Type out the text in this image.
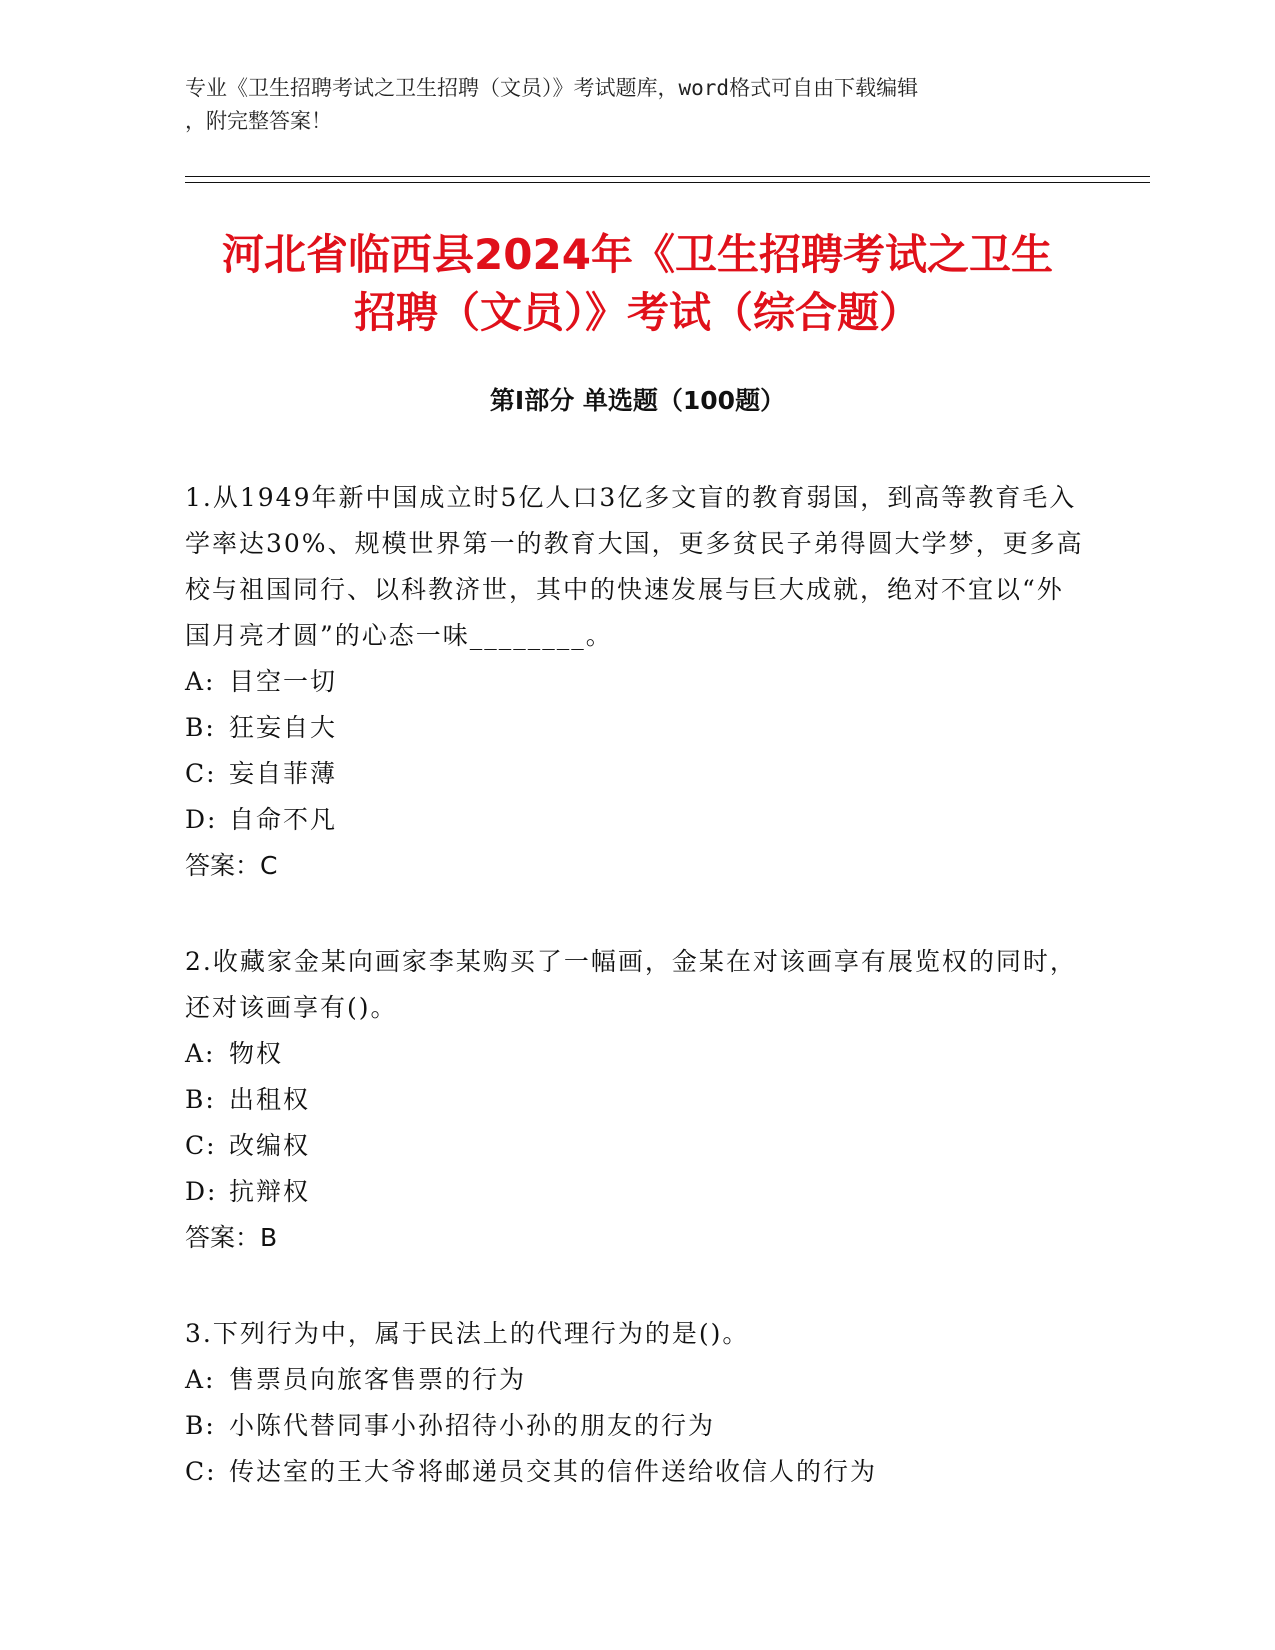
专业《卫生招聘考试之卫生招聘（文员）》考试题库，word格式可自由下载编辑
，附完整答案！
河北省临西县2024年《卫生招聘考试之卫生
招聘（文员）》考试（综合题）
第Ⅰ部分 单选题（100题）

1.从1949年新中国成立时5亿人口3亿多文盲的教育弱国，到高等教育毛入学率达30%、规模世界第一的教育大国，更多贫民子弟得圆大学梦，更多高校与祖国同行、以科教济世，其中的快速发展与巨大成就，绝对不宜以“外国月亮才圆”的心态一味________。

A: 目空一切

B: 狂妄自大

C: 妄自菲薄

D: 自命不凡

答案：C

2.收藏家金某向画家李某购买了一幅画，金某在对该画享有展览权的同时，还对该画享有()。

A: 物权

B: 出租权

C: 改编权

D: 抗辩权

答案：B

3.下列行为中，属于民法上的代理行为的是()。

A: 售票员向旅客售票的行为

B: 小陈代替同事小孙招待小孙的朋友的行为

C: 传达室的王大爷将邮递员交其的信件送给收信人的行为
